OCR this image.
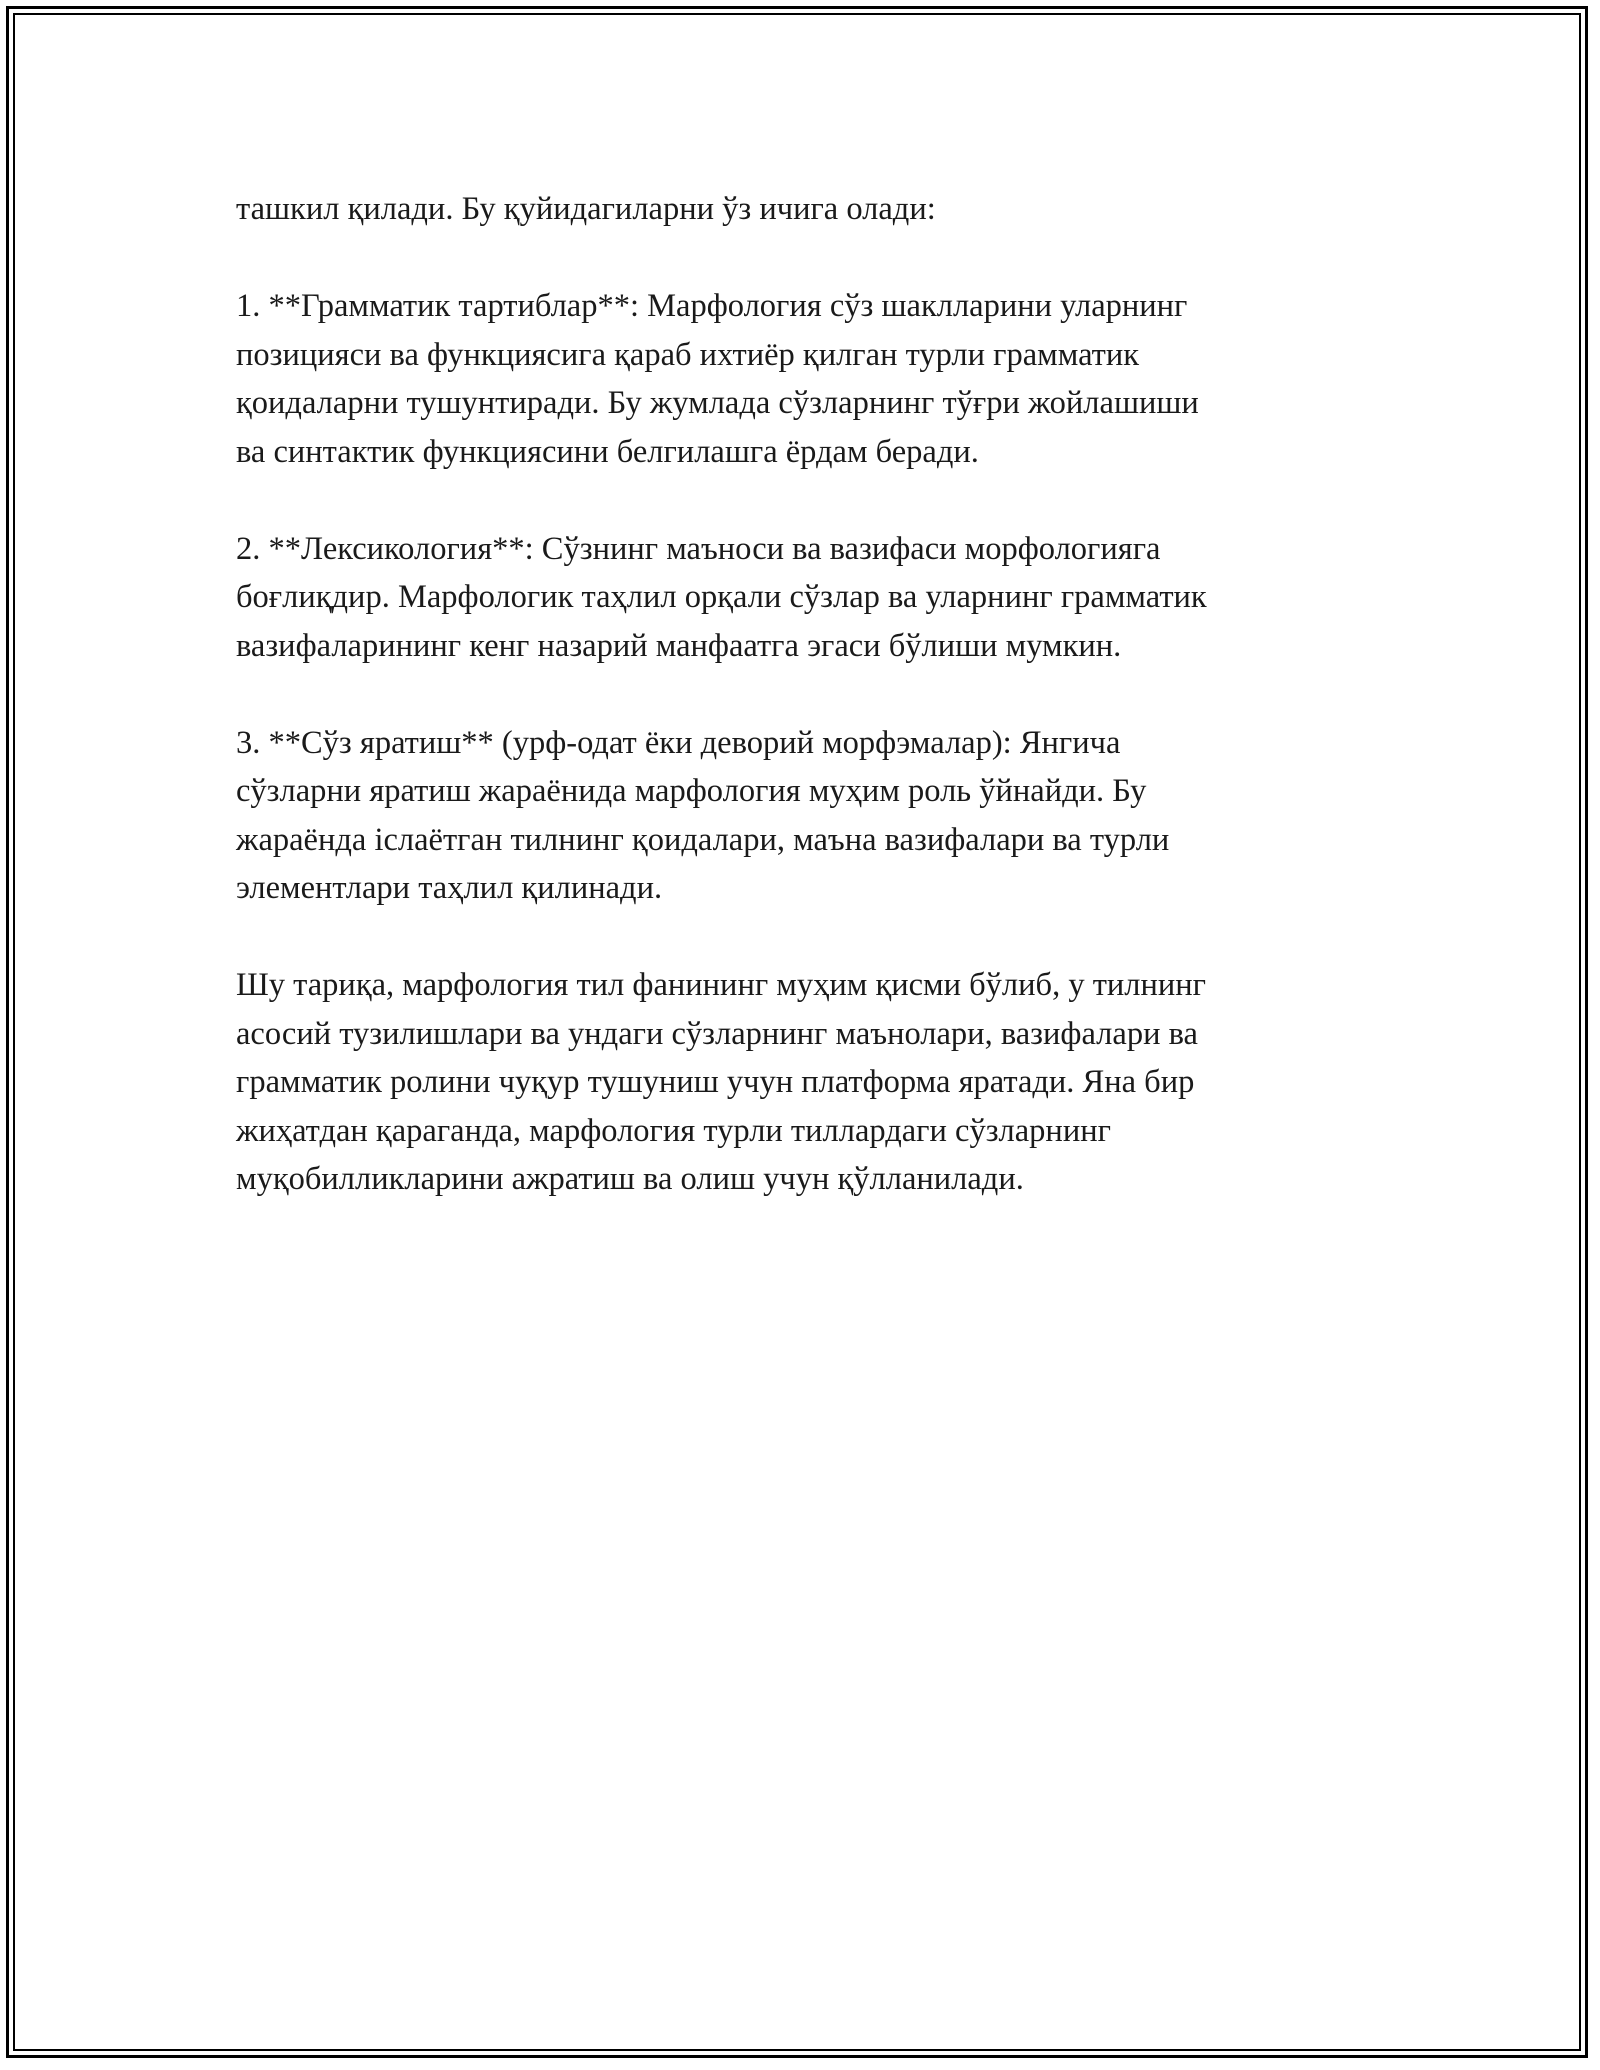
ташкил қилади. Бу қуйидагиларни ўз ичига олади:

1. **Грамматик тартиблар**: Марфология сўз шаклларини уларнинг
позицияси ва функциясига қараб ихтиёр қилган турли грамматик
қоидаларни тушунтиради. Бу жумлада сўзларнинг тўғри жойлашиши
ва синтактик функциясини белгилашга ёрдам беради.

2. **Лексикология**: Сўзнинг маъноси ва вазифаси морфологияга
боғлиқдир. Марфологик таҳлил орқали сўзлар ва уларнинг грамматик
вазифаларининг кенг назарий манфаатга эгаси бўлиши мумкин.

3. **Сўз яратиш** (урф-одат ёки деворий морфэмалар): Янгича
сўзларни яратиш жараёнида марфология муҳим роль ўйнайди. Бу
жараёнда іслаётган тилнинг қоидалари, маъна вазифалари ва турли
элементлари таҳлил қилинади.

Шу тариқа, марфология тил фанининг муҳим қисми бўлиб, у тилнинг
асосий тузилишлари ва ундаги сўзларнинг маънолари, вазифалари ва
грамматик ролини чуқур тушуниш учун платформа яратади. Яна бир
жиҳатдан қараганда, марфология турли тиллардаги сўзларнинг
муқобилликларини ажратиш ва олиш учун қўлланилади.
